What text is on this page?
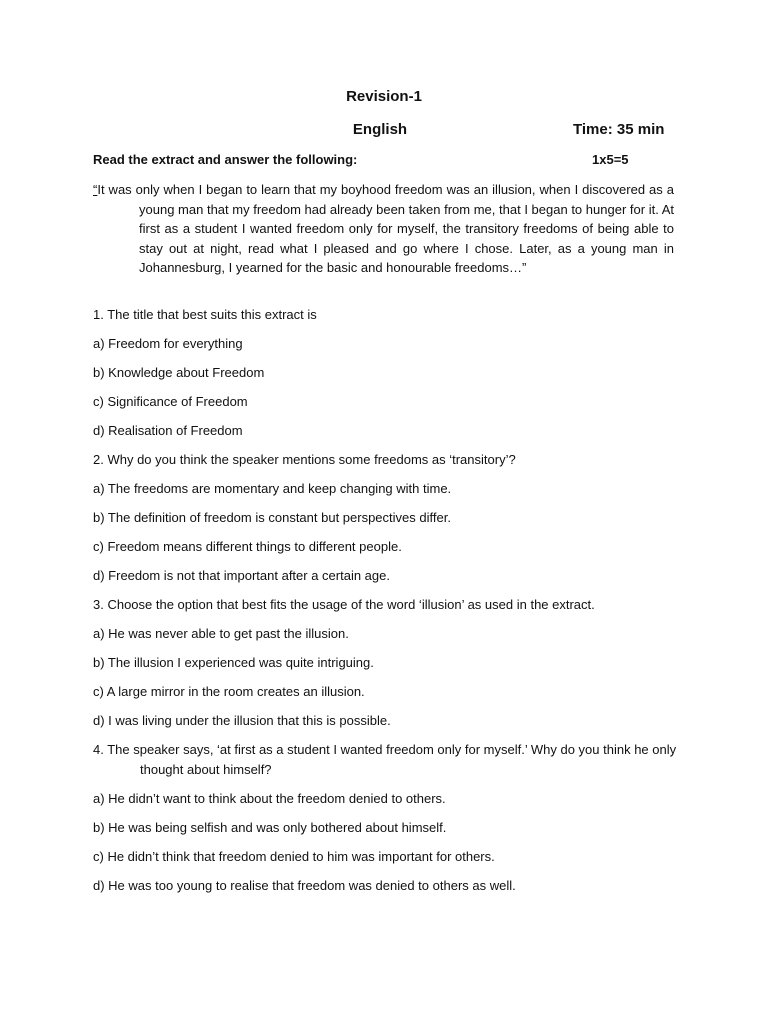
Revision-1
English	Time: 35 min
Read the extract and answer the following:	1x5=5
“It was only when I began to learn that my boyhood freedom was an illusion, when I discovered as a young man that my freedom had already been taken from me, that I began to hunger for it. At first as a student I wanted freedom only for myself, the transitory freedoms of being able to stay out at night, read what I pleased and go where I chose. Later, as a young man in Johannesburg, I yearned for the basic and honourable freedoms…”
1. The title that best suits this extract is
a) Freedom for everything
b) Knowledge about Freedom
c) Significance of Freedom
d) Realisation of Freedom
2. Why do you think the speaker mentions some freedoms as ‘transitory’?
a) The freedoms are momentary and keep changing with time.
b) The definition of freedom is constant but perspectives differ.
c) Freedom means different things to different people.
d) Freedom is not that important after a certain age.
3. Choose the option that best fits the usage of the word ‘illusion’ as used in the extract.
a) He was never able to get past the illusion.
b) The illusion I experienced was quite intriguing.
c) A large mirror in the room creates an illusion.
d) I was living under the illusion that this is possible.
4. The speaker says, ‘at first as a student I wanted freedom only for myself.’ Why do you think he only thought about himself?
a) He didn’t want to think about the freedom denied to others.
b) He was being selfish and was only bothered about himself.
c) He didn’t think that freedom denied to him was important for others.
d) He was too young to realise that freedom was denied to others as well.
